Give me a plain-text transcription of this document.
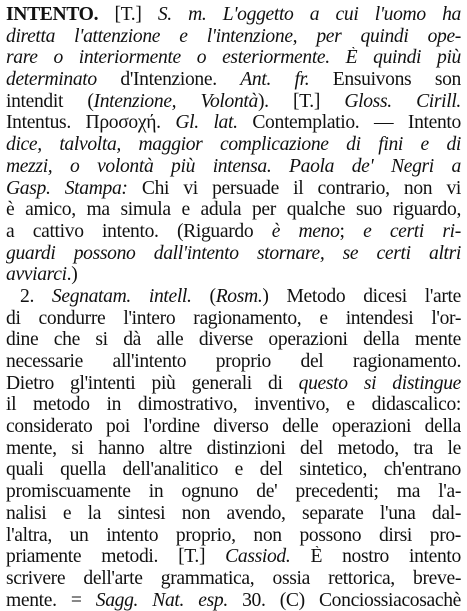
INTENTO. [T.] S. m. L'oggetto a cui l'uomo ha
diretta l'attenzione e l'intenzione, per quindi ope-
rare o interiormente o esteriormente. È quindi più
determinato d'Intenzione. Ant. fr. Ensuivons son
intendit (Intenzione, Volontà). [T.] Gloss. Cirill.
Intentus. Προσοχή. Gl. lat. Contemplatio. — Intento
dice, talvolta, maggior complicazione di fini e di
mezzi, o volontà più intensa. Paola de' Negri a
Gasp. Stampa: Chi vi persuade il contrario, non vi
è amico, ma simula e adula per qualche suo riguardo,
a cattivo intento. (Riguardo è meno; e certi ri-
guardi possono dall'intento stornare, se certi altri
avviarci.)
2. Segnatam. intell. (Rosm.) Metodo dicesi l'arte
di condurre l'intero ragionamento, e intendesi l'or-
dine che si dà alle diverse operazioni della mente
necessarie all'intento proprio del ragionamento.
Dietro gl'intenti più generali di questo si distingue
il metodo in dimostrativo, inventivo, e didascalico:
considerato poi l'ordine diverso delle operazioni della
mente, si hanno altre distinzioni del metodo, tra le
quali quella dell'analitico e del sintetico, ch'entrano
promiscuamente in ognuno de' precedenti; ma l'a-
nalisi e la sintesi non avendo, separate l'una dal-
l'altra, un intento proprio, non possono dirsi pro-
priamente metodi. [T.] Cassiod. È nostro intento
scrivere dell'arte grammatica, ossia rettorica, breve-
mente. = Sagg. Nat. esp. 30. (C) Conciossiacosachè
